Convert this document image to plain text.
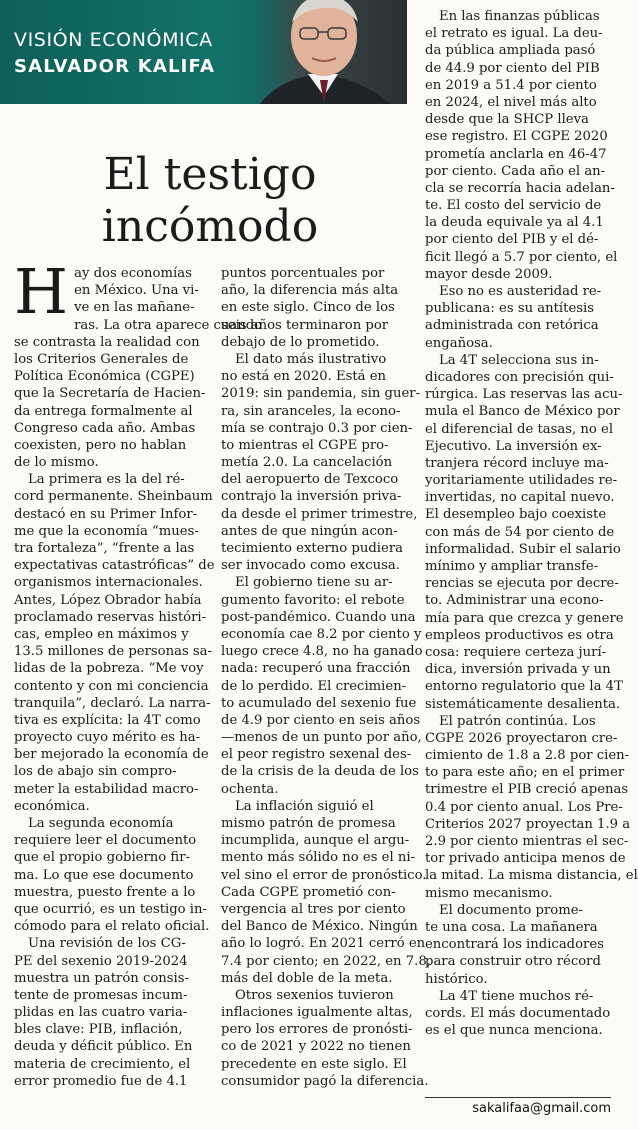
VISIÓN ECONÓMICA
SALVADOR KALIFA
El testigo
incómodo
H ay dos economías
en México. Una vi-
ve en las mañane-
ras. La otra aparece cuando
se contrasta la realidad con
los Criterios Generales de
Política Económica (CGPE)
que la Secretaría de Hacien-
da entrega formalmente al
Congreso cada año. Ambas
coexisten, pero no hablan
de lo mismo.
La primera es la del ré-
cord permanente. Sheinbaum
destacó en su Primer Infor-
me que la economía “mues-
tra fortaleza”, “frente a las
expectativas catastróficas” de
organismos internacionales.
Antes, López Obrador había
proclamado reservas históri-
cas, empleo en máximos y
13.5 millones de personas sa-
lidas de la pobreza. “Me voy
contento y con mi conciencia
tranquila”, declaró. La narra-
tiva es explícita: la 4T como
proyecto cuyo mérito es ha-
ber mejorado la economía de
los de abajo sin compro-
meter la estabilidad macro-
económica.
La segunda economía
requiere leer el documento
que el propio gobierno fir-
ma. Lo que ese documento
muestra, puesto frente a lo
que ocurrió, es un testigo in-
cómodo para el relato oficial.
Una revisión de los CG-
PE del sexenio 2019-2024
muestra un patrón consis-
tente de promesas incum-
plidas en las cuatro varia-
bles clave: PIB, inflación,
deuda y déficit público. En
materia de crecimiento, el
error promedio fue de 4.1
puntos porcentuales por
año, la diferencia más alta
en este siglo. Cinco de los
seis años terminaron por
debajo de lo prometido.
El dato más ilustrativo
no está en 2020. Está en
2019: sin pandemia, sin guer-
ra, sin aranceles, la econo-
mía se contrajo 0.3 por cien-
to mientras el CGPE pro-
metía 2.0. La cancelación
del aeropuerto de Texcoco
contrajo la inversión priva-
da desde el primer trimestre,
antes de que ningún acon-
tecimiento externo pudiera
ser invocado como excusa.
El gobierno tiene su ar-
gumento favorito: el rebote
post-pandémico. Cuando una
economía cae 8.2 por ciento y
luego crece 4.8, no ha ganado
nada: recuperó una fracción
de lo perdido. El crecimien-
to acumulado del sexenio fue
de 4.9 por ciento en seis años
—menos de un punto por año,
el peor registro sexenal des-
de la crisis de la deuda de los
ochenta.
La inflación siguió el
mismo patrón de promesa
incumplida, aunque el argu-
mento más sólido no es el ni-
vel sino el error de pronóstico.
Cada CGPE prometió con-
vergencia al tres por ciento
del Banco de México. Ningún
año lo logró. En 2021 cerró en
7.4 por ciento; en 2022, en 7.8,
más del doble de la meta.
Otros sexenios tuvieron
inflaciones igualmente altas,
pero los errores de pronósti-
co de 2021 y 2022 no tienen
precedente en este siglo. El
consumidor pagó la diferencia.
En las finanzas públicas
el retrato es igual. La deu-
da pública ampliada pasó
de 44.9 por ciento del PIB
en 2019 a 51.4 por ciento
en 2024, el nivel más alto
desde que la SHCP lleva
ese registro. El CGPE 2020
prometía anclarla en 46-47
por ciento. Cada año el an-
cla se recorría hacia adelan-
te. El costo del servicio de
la deuda equivale ya al 4.1
por ciento del PIB y el dé-
ficit llegó a 5.7 por ciento, el
mayor desde 2009.
Eso no es austeridad re-
publicana: es su antítesis
administrada con retórica
engañosa.
La 4T selecciona sus in-
dicadores con precisión qui-
rúrgica. Las reservas las acu-
mula el Banco de México por
el diferencial de tasas, no el
Ejecutivo. La inversión ex-
tranjera récord incluye ma-
yoritariamente utilidades re-
invertidas, no capital nuevo.
El desempleo bajo coexiste
con más de 54 por ciento de
informalidad. Subir el salario
mínimo y ampliar transfe-
rencias se ejecuta por decre-
to. Administrar una econo-
mía para que crezca y genere
empleos productivos es otra
cosa: requiere certeza jurí-
dica, inversión privada y un
entorno regulatorio que la 4T
sistemáticamente desalienta.
El patrón continúa. Los
CGPE 2026 proyectaron cre-
cimiento de 1.8 a 2.8 por cien-
to para este año; en el primer
trimestre el PIB creció apenas
0.4 por ciento anual. Los Pre-
Criterios 2027 proyectan 1.9 a
2.9 por ciento mientras el sec-
tor privado anticipa menos de
la mitad. La misma distancia, el
mismo mecanismo.
El documento prome-
te una cosa. La mañanera
encontrará los indicadores
para construir otro récord
histórico.
La 4T tiene muchos ré-
cords. El más documentado
es el que nunca menciona.
sakalifaa@gmail.com
